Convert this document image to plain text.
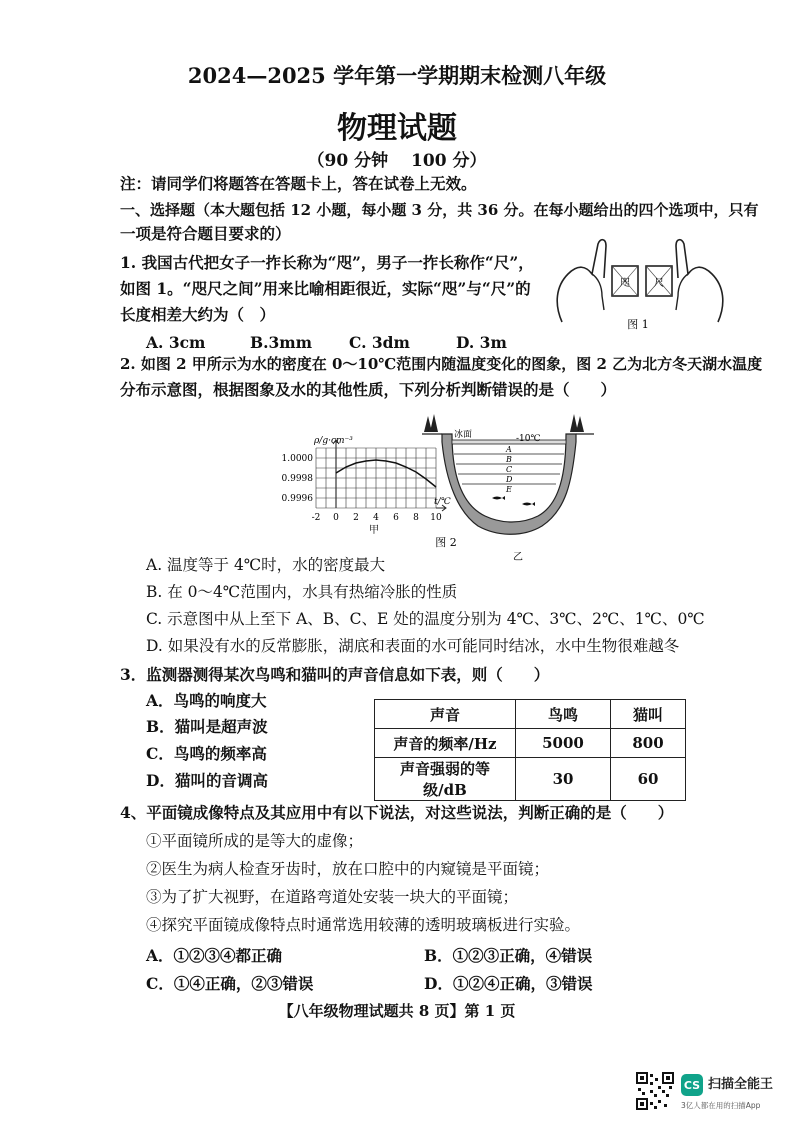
2024—2025 学年第一学期期末检测八年级
物理试题
（90 分钟　 100 分）
注：请同学们将题答在答题卡上，答在试卷上无效。
一、选择题（本大题包括 12 小题，每小题 3 分，共 36 分。在每小题给出的四个选项中，只有
一项是符合题目要求的）
1. 我国古代把女子一拃长称为“咫”，男子一拃长称作“尺”，
如图 1。“咫尺之间”用来比喻相距很近，实际“咫”与“尺”的
长度相差大约为（　）
A. 3cm	B.3mm C. 3dm	D. 3m
咫 尺
图 1
2. 如图 2 甲所示为水的密度在 0～10℃范围内随温度变化的图象，图 2 乙为北方冬天湖水温度
分布示意图，根据图象及水的其他性质，下列分析判断错误的是（　　）
ρ/g·cm⁻³
-2 0 2 4 6 8 10
1.0000
0.9998
0.9996	t/℃
甲
冰面	-10℃
A
B
C
D
E
乙
图 2
A. 温度等于 4℃时，水的密度最大
B. 在 0～4℃范围内，水具有热缩冷胀的性质
C. 示意图中从上至下 A、B、C、E 处的温度分别为 4℃、3℃、2℃、1℃、0℃
D. 如果没有水的反常膨胀，湖底和表面的水可能同时结冰，水中生物很难越冬
3．监测器测得某次鸟鸣和猫叫的声音信息如下表，则（　　）
A．鸟鸣的响度大
B．猫叫是超声波
C．鸟鸣的频率高
D．猫叫的音调高
声音	鸟鸣	猫叫
声音的频率/Hz	5000	800
声音强弱的等级/dB	30	60
4、平面镜成像特点及其应用中有以下说法，对这些说法，判断正确的是（　　）
①平面镜所成的是等大的虚像；
②医生为病人检查牙齿时，放在口腔中的内窥镜是平面镜；
③为了扩大视野，在道路弯道处安装一块大的平面镜；
④探究平面镜成像特点时通常选用较薄的透明玻璃板进行实验。
A．①②③④都正确	B．①②③正确，④错误
C．①④正确，②③错误	D．①②④正确，③错误
【八年级物理试题共 8 页】第 1 页
CS 扫描全能王
3亿人都在用的扫描App
